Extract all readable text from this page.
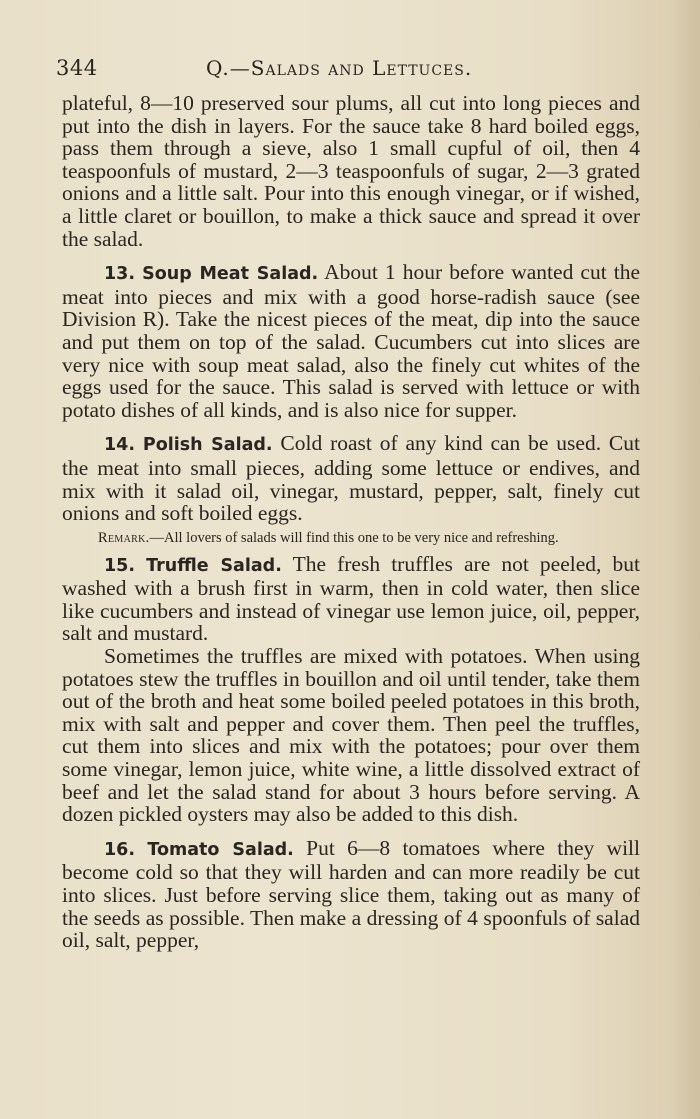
344	Q.—Salads and Lettuces.

plateful, 8—10 preserved sour plums, all cut into long pieces and put into the dish in layers. For the sauce take 8 hard boiled eggs, pass them through a sieve, also 1 small cupful of oil, then 4 teaspoonfuls of mustard, 2—3 teaspoonfuls of sugar, 2—3 grated onions and a little salt. Pour into this enough vinegar, or if wished, a little claret or bouillon, to make a thick sauce and spread it over the salad.

13. Soup Meat Salad. About 1 hour before wanted cut the meat into pieces and mix with a good horse-radish sauce (see Division R). Take the nicest pieces of the meat, dip into the sauce and put them on top of the salad. Cucumbers cut into slices are very nice with soup meat salad, also the finely cut whites of the eggs used for the sauce. This salad is served with lettuce or with potato dishes of all kinds, and is also nice for supper.

14. Polish Salad. Cold roast of any kind can be used. Cut the meat into small pieces, adding some lettuce or endives, and mix with it salad oil, vinegar, mustard, pepper, salt, finely cut onions and soft boiled eggs.

Remark.—All lovers of salads will find this one to be very nice and refreshing.

15. Truffle Salad. The fresh truffles are not peeled, but washed with a brush first in warm, then in cold water, then slice like cucumbers and instead of vinegar use lemon juice, oil, pepper, salt and mustard.

Sometimes the truffles are mixed with potatoes. When using potatoes stew the truffles in bouillon and oil until tender, take them out of the broth and heat some boiled peeled potatoes in this broth, mix with salt and pepper and cover them. Then peel the truffles, cut them into slices and mix with the potatoes; pour over them some vinegar, lemon juice, white wine, a little dissolved extract of beef and let the salad stand for about 3 hours before serving. A dozen pickled oysters may also be added to this dish.

16. Tomato Salad. Put 6—8 tomatoes where they will become cold so that they will harden and can more readily be cut into slices. Just before serving slice them, taking out as many of the seeds as possible. Then make a dressing of 4 spoonfuls of salad oil, salt, pepper,
